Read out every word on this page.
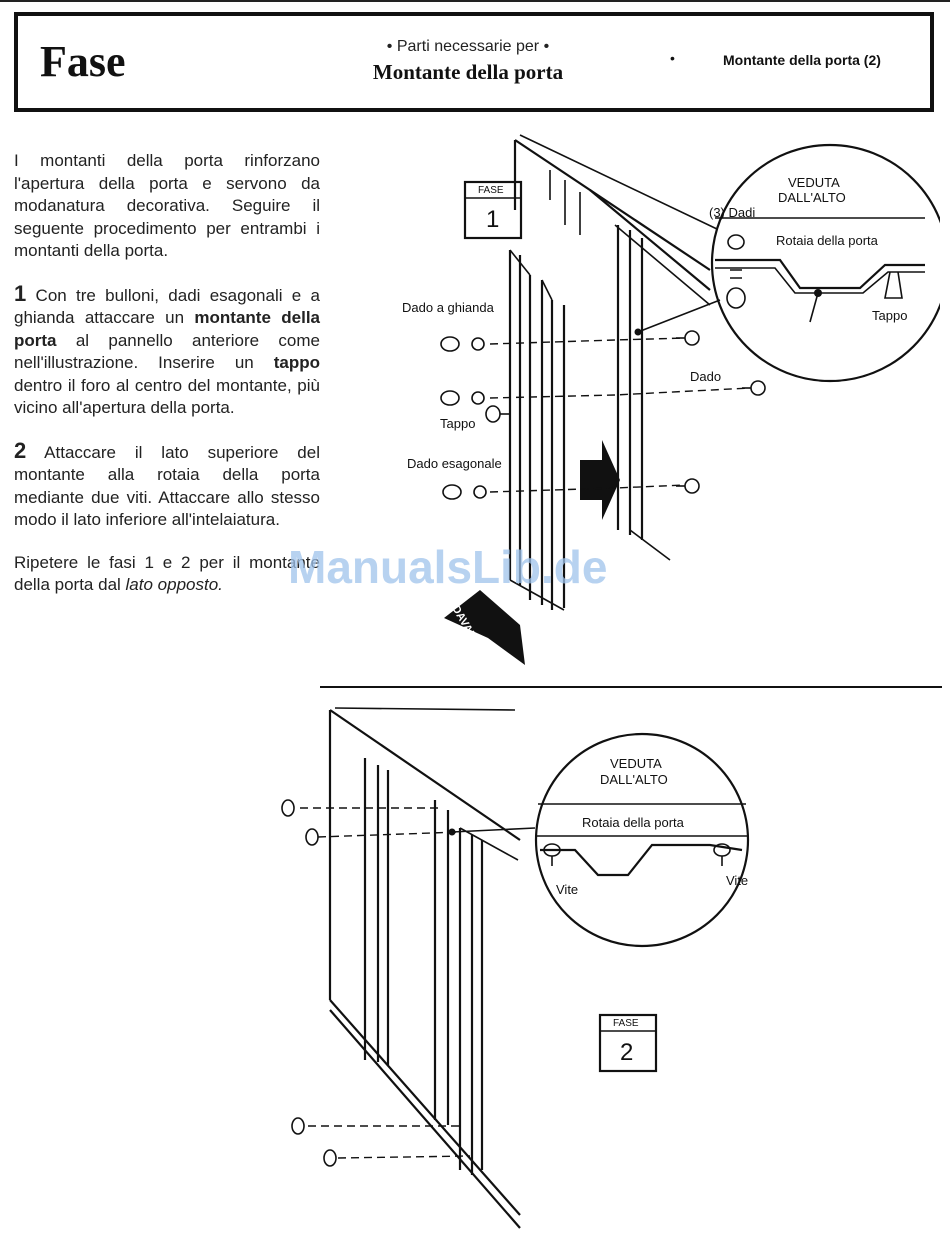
Fase	• Parti necessarie per •
Montante della porta
•	Montante della porta (2)

I montanti della porta rinforzano l'apertura della porta e servono da modanatura decorativa. Seguire il seguente procedimento per entrambi i montanti della porta.

1 Con tre bulloni, dadi esagonali e a ghianda attaccare un montante della porta al pannello anteriore come nell'illustrazione. Inserire un tappo dentro il foro al centro del montante, più vicino all'apertura della porta.

2 Attaccare il lato superiore del montante alla rotaia della porta mediante due viti. Attaccare allo stesso modo il lato inferiore all'intelaiatura.

Ripetere le fasi 1 e 2 per il montante della porta dal lato opposto.

Dado a ghianda
Tappo
Dado esagonale
Dado
FASE
1
DAVANTI
VEDUTA
DALL'ALTO
(3) Dadi
Rotaia della porta
Tappo
VEDUTA
DALL'ALTO
Rotaia della porta
Vite
Vite
FASE
2
ManualsLib.de
